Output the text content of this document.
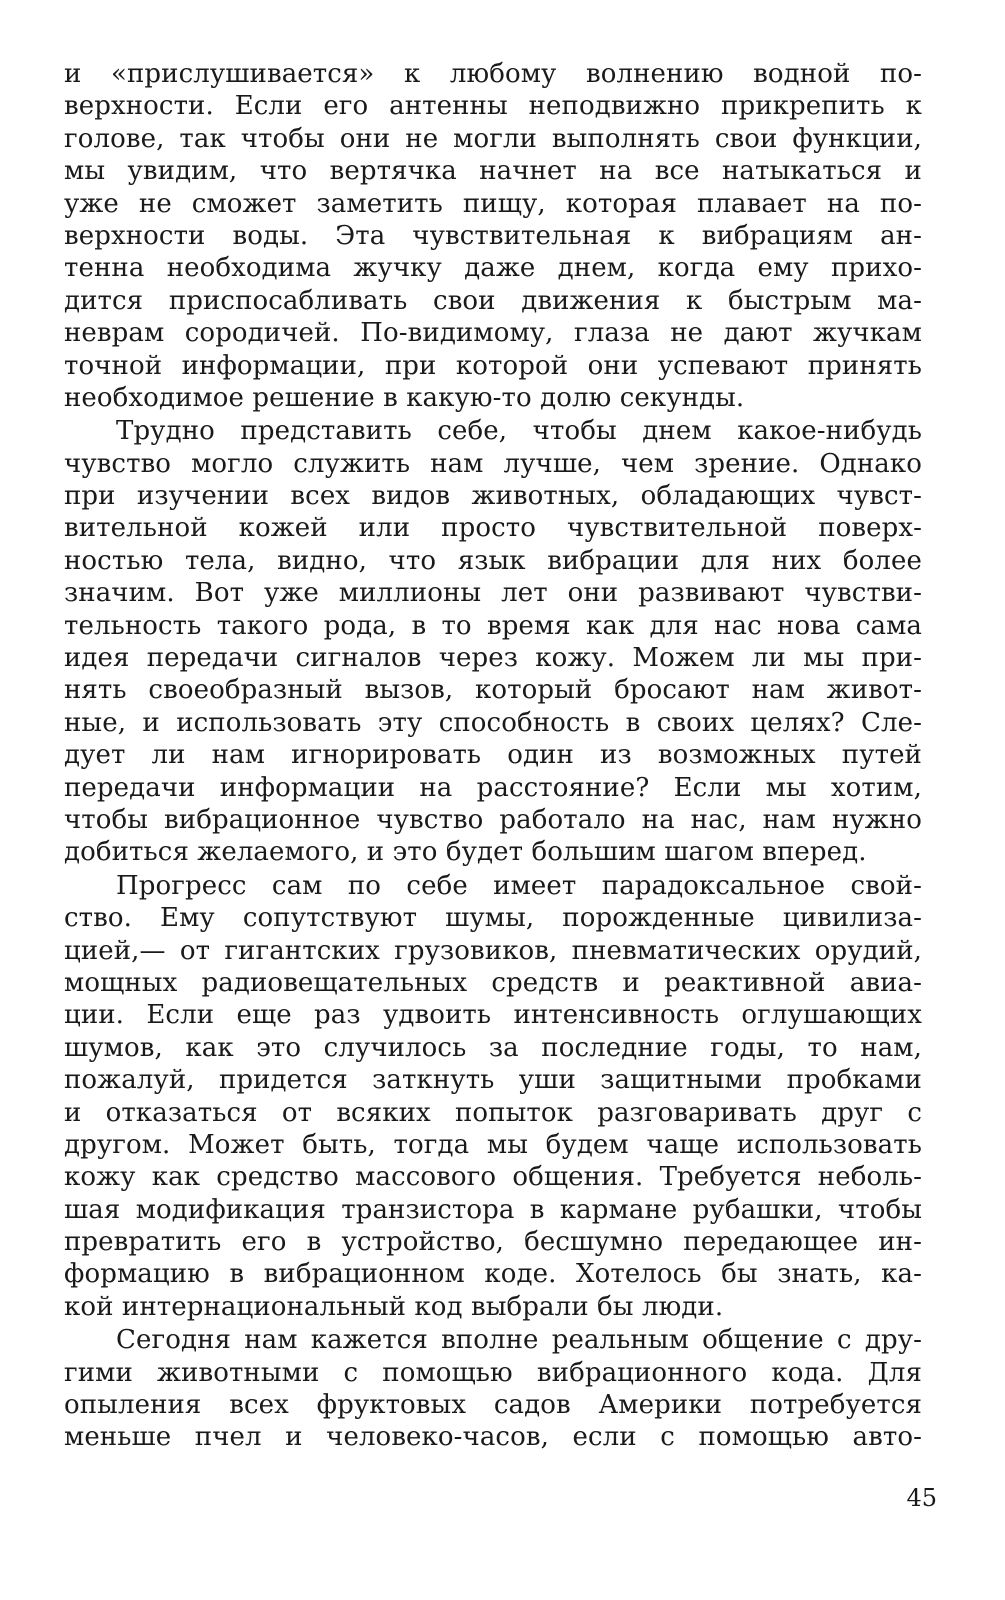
и «прислушивается» к любому волнению водной по-
верхности. Если его антенны неподвижно прикрепить к
голове, так чтобы они не могли выполнять свои функции,
мы увидим, что вертячка начнет на все натыкаться и
уже не сможет заметить пищу, которая плавает на по-
верхности воды. Эта чувствительная к вибрациям ан-
тенна необходима жучку даже днем, когда ему прихо-
дится приспосабливать свои движения к быстрым ма-
неврам сородичей. По-видимому, глаза не дают жучкам
точной информации, при которой они успевают принять
необходимое решение в какую-то долю секунды.
Трудно представить себе, чтобы днем какое-нибудь
чувство могло служить нам лучше, чем зрение. Однако
при изучении всех видов животных, обладающих чувст-
вительной кожей или просто чувствительной поверх-
ностью тела, видно, что язык вибрации для них более
значим. Вот уже миллионы лет они развивают чувстви-
тельность такого рода, в то время как для нас нова сама
идея передачи сигналов через кожу. Можем ли мы при-
нять своеобразный вызов, который бросают нам живот-
ные, и использовать эту способность в своих целях? Сле-
дует ли нам игнорировать один из возможных путей
передачи информации на расстояние? Если мы хотим,
чтобы вибрационное чувство работало на нас, нам нужно
добиться желаемого, и это будет большим шагом вперед.
Прогресс сам по себе имеет парадоксальное свой-
ство. Ему сопутствуют шумы, порожденные цивилиза-
цией,— от гигантских грузовиков, пневматических орудий,
мощных радиовещательных средств и реактивной авиа-
ции. Если еще раз удвоить интенсивность оглушающих
шумов, как это случилось за последние годы, то нам,
пожалуй, придется заткнуть уши защитными пробками
и отказаться от всяких попыток разговаривать друг с
другом. Может быть, тогда мы будем чаще использовать
кожу как средство массового общения. Требуется неболь-
шая модификация транзистора в кармане рубашки, чтобы
превратить его в устройство, бесшумно передающее ин-
формацию в вибрационном коде. Хотелось бы знать, ка-
кой интернациональный код выбрали бы люди.
Сегодня нам кажется вполне реальным общение с дру-
гими животными с помощью вибрационного кода. Для
опыления всех фруктовых садов Америки потребуется
меньше пчел и человеко-часов, если с помощью авто-
45
